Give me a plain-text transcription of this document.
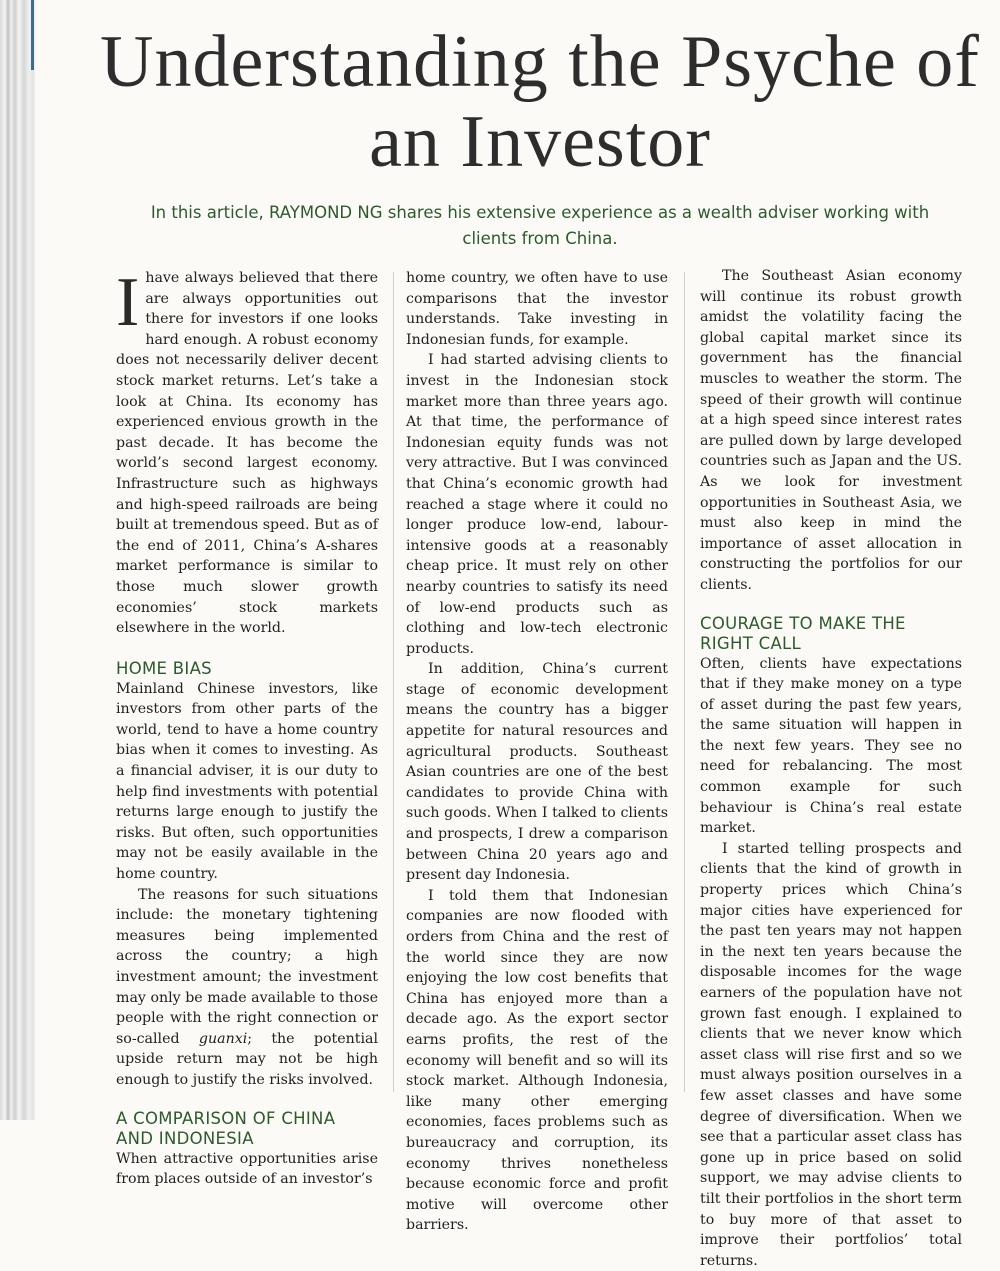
Understanding the Psyche of an Investor

In this article, RAYMOND NG shares his extensive experience as a wealth adviser working with clients from China.

Ihave always believed that there are always opportunities out there for investors if one looks hard enough. A robust economy does not necessarily deliver decent stock market returns. Let’s take a look at China. Its economy has experienced envious growth in the past decade. It has become the world’s second largest economy. Infrastructure such as highways and high-speed railroads are being built at tremendous speed. But as of the end of 2011, China’s A-shares market performance is similar to those much slower growth economies’ stock markets elsewhere in the world.

HOME BIAS

Mainland Chinese investors, like investors from other parts of the world, tend to have a home country bias when it comes to investing. As a financial adviser, it is our duty to help find investments with potential returns large enough to justify the risks. But often, such opportunities may not be easily available in the home country.

The reasons for such situations include: the monetary tightening measures being implemented across the country; a high investment amount; the investment may only be made available to those people with the right connection or so-called guanxi; the potential upside return may not be high enough to justify the risks involved.

A COMPARISON OF CHINA AND INDONESIA

When attractive opportunities arise from places outside of an investor’s

home country, we often have to use comparisons that the investor understands. Take investing in Indonesian funds, for example.

I had started advising clients to invest in the Indonesian stock market more than three years ago. At that time, the performance of Indonesian equity funds was not very attractive. But I was convinced that China’s economic growth had reached a stage where it could no longer produce low-end, labour-intensive goods at a reasonably cheap price. It must rely on other nearby countries to satisfy its need of low-end products such as clothing and low-tech electronic products.

In addition, China’s current stage of economic development means the country has a bigger appetite for natural resources and agricultural products. Southeast Asian countries are one of the best candidates to provide China with such goods. When I talked to clients and prospects, I drew a comparison between China 20 years ago and present day Indonesia.

I told them that Indonesian companies are now flooded with orders from China and the rest of the world since they are now enjoying the low cost benefits that China has enjoyed more than a decade ago. As the export sector earns profits, the rest of the economy will benefit and so will its stock market. Although Indonesia, like many other emerging economies, faces problems such as bureaucracy and corruption, its economy thrives nonetheless because economic force and profit motive will overcome other barriers.

The Southeast Asian economy will continue its robust growth amidst the volatility facing the global capital market since its government has the financial muscles to weather the storm. The speed of their growth will continue at a high speed since interest rates are pulled down by large developed countries such as Japan and the US. As we look for investment opportunities in Southeast Asia, we must also keep in mind the importance of asset allocation in constructing the portfolios for our clients.

COURAGE TO MAKE THE RIGHT CALL

Often, clients have expectations that if they make money on a type of asset during the past few years, the same situation will happen in the next few years. They see no need for rebalancing. The most common example for such behaviour is China’s real estate market.

I started telling prospects and clients that the kind of growth in property prices which China’s major cities have experienced for the past ten years may not happen in the next ten years because the disposable incomes for the wage earners of the population have not grown fast enough. I explained to clients that we never know which asset class will rise first and so we must always position ourselves in a few asset classes and have some degree of diversification. When we see that a particular asset class has gone up in price based on solid support, we may advise clients to tilt their portfolios in the short term to buy more of that asset to improve their portfolios’ total returns.
